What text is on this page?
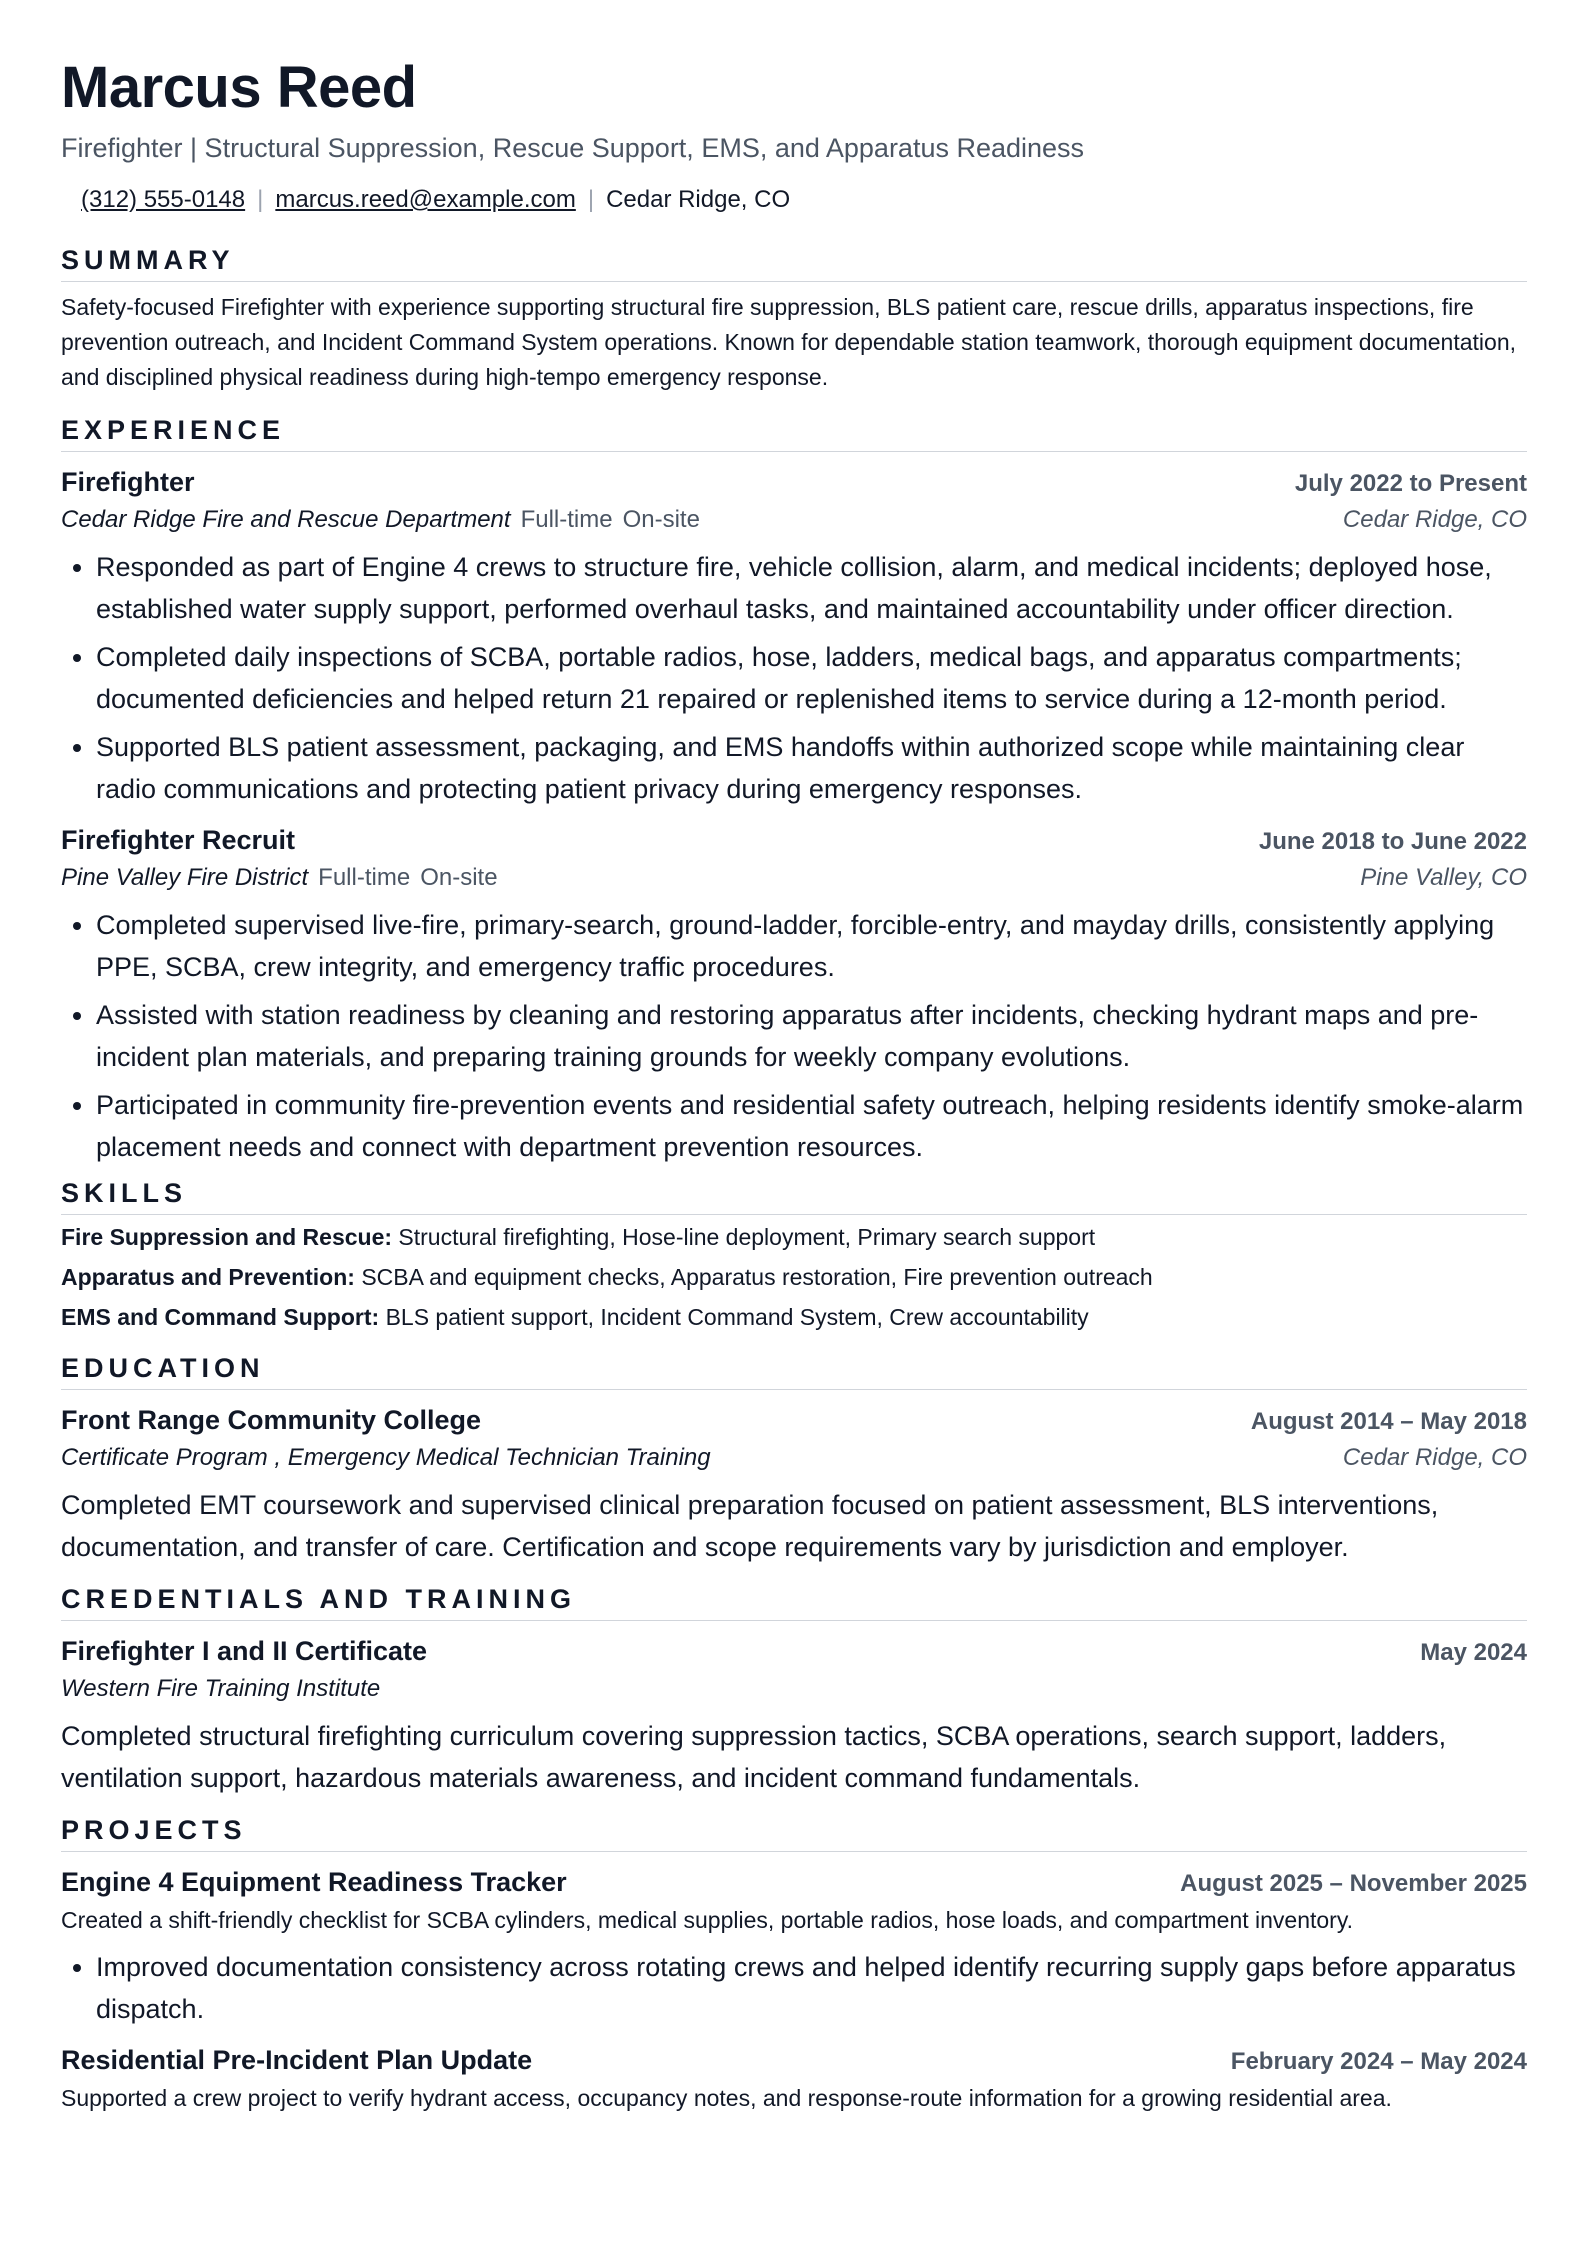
Marcus Reed
Firefighter | Structural Suppression, Rescue Support, EMS, and Apparatus Readiness
(312) 555-0148 | marcus.reed@example.com | Cedar Ridge, CO
SUMMARY
Safety-focused Firefighter with experience supporting structural fire suppression, BLS patient care, rescue drills, apparatus inspections, fire prevention outreach, and Incident Command System operations. Known for dependable station teamwork, thorough equipment documentation, and disciplined physical readiness during high-tempo emergency response.
EXPERIENCE
Firefighter	July 2022 to Present
Cedar Ridge Fire and Rescue Department Full-time On-site	Cedar Ridge, CO
• Responded as part of Engine 4 crews to structure fire, vehicle collision, alarm, and medical incidents; deployed hose, established water supply support, performed overhaul tasks, and maintained accountability under officer direction.
• Completed daily inspections of SCBA, portable radios, hose, ladders, medical bags, and apparatus compartments; documented deficiencies and helped return 21 repaired or replenished items to service during a 12-month period.
• Supported BLS patient assessment, packaging, and EMS handoffs within authorized scope while maintaining clear radio communications and protecting patient privacy during emergency responses.
Firefighter Recruit	June 2018 to June 2022
Pine Valley Fire District Full-time On-site	Pine Valley, CO
• Completed supervised live-fire, primary-search, ground-ladder, forcible-entry, and mayday drills, consistently applying PPE, SCBA, crew integrity, and emergency traffic procedures.
• Assisted with station readiness by cleaning and restoring apparatus after incidents, checking hydrant maps and pre-incident plan materials, and preparing training grounds for weekly company evolutions.
• Participated in community fire-prevention events and residential safety outreach, helping residents identify smoke-alarm placement needs and connect with department prevention resources.
SKILLS
Fire Suppression and Rescue: Structural firefighting, Hose-line deployment, Primary search support
Apparatus and Prevention: SCBA and equipment checks, Apparatus restoration, Fire prevention outreach
EMS and Command Support: BLS patient support, Incident Command System, Crew accountability
EDUCATION
Front Range Community College	August 2014 – May 2018
Certificate Program , Emergency Medical Technician Training	Cedar Ridge, CO
Completed EMT coursework and supervised clinical preparation focused on patient assessment, BLS interventions, documentation, and transfer of care. Certification and scope requirements vary by jurisdiction and employer.
CREDENTIALS AND TRAINING
Firefighter I and II Certificate	May 2024
Western Fire Training Institute
Completed structural firefighting curriculum covering suppression tactics, SCBA operations, search support, ladders, ventilation support, hazardous materials awareness, and incident command fundamentals.
PROJECTS
Engine 4 Equipment Readiness Tracker	August 2025 – November 2025
Created a shift-friendly checklist for SCBA cylinders, medical supplies, portable radios, hose loads, and compartment inventory.
• Improved documentation consistency across rotating crews and helped identify recurring supply gaps before apparatus dispatch.
Residential Pre-Incident Plan Update	February 2024 – May 2024
Supported a crew project to verify hydrant access, occupancy notes, and response-route information for a growing residential area.
